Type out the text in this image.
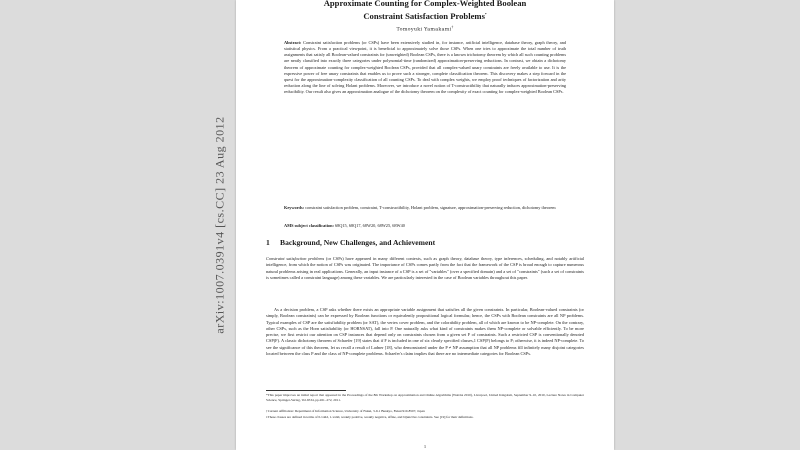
arXiv:1007.0391v4 [cs.CC] 23 Aug 2012
Approximate Counting for Complex-Weighted Boolean
Constraint Satisfaction Problems*
Tomoyuki Yamakami†
Abstract: Constraint satisfaction problems (or CSPs) have been extensively studied in, for instance, artificial intelligence, database theory, graph theory, and statistical physics. From a practical viewpoint, it is beneficial to approximately solve those CSPs. When one tries to approximate the total number of truth assignments that satisfy all Boolean-valued constraints for (unweighted) Boolean CSPs, there is a known trichotomy theorem by which all such counting problems are neatly classified into exactly three categories under polynomial-time (randomized) approximation-preserving reductions. In contrast, we obtain a dichotomy theorem of approximate counting for complex-weighted Boolean CSPs, provided that all complex-valued unary constraints are freely available to use. It is the expressive power of free unary constraints that enables us to prove such a stronger, complete classification theorem. This discovery makes a step forward in the quest for the approximation-complexity classification of all counting CSPs. To deal with complex weights, we employ proof techniques of factorization and arity reduction along the line of solving Holant problems. Moreover, we introduce a novel notion of T-constructibility that naturally induces approximation-preserving reducibility. Our result also gives an approximation analogue of the dichotomy theorem on the complexity of exact counting for complex-weighted Boolean CSPs.
Keywords: constraint satisfaction problem, constraint, T-constructibility, Holant problem, signature, approximation-preserving reduction, dichotomy theorem
AMS subject classification: 68Q15, 68Q17, 68W20, 68W25, 68W40
1 Background, New Challenges, and Achievement
Constraint satisfaction problems (or CSPs) have appeared in many different contexts, such as graph theory, database theory, type inferences, scheduling, and notably artificial intelligence, from which the notion of CSPs was originated. The importance of CSPs comes partly from the fact that the framework of the CSP is broad enough to capture numerous natural problems arising in real applications. Generally, an input instance of a CSP is a set of "variables" (over a specified domain) and a set of "constraints" (such a set of constraints is sometimes called a constraint language) among these variables. We are particularly interested in the case of Boolean variables throughout this paper.
As a decision problem, a CSP asks whether there exists an appropriate variable assignment that satisfies all the given constraints. In particular, Boolean-valued constraints (or simply, Boolean constraints) can be expressed by Boolean functions or equivalently propositional logical formulas; hence, the CSPs with Boolean constraints are all NP problems. Typical examples of CSP are the satisfiability problem (or SAT), the vertex cover problem, and the colorability problem, all of which are known to be NP-complete. On the contrary, other CSPs, such as the Horn satisfiability (or HORNSAT), fall into P. One naturally asks what kind of constraints makes them NP-complete or solvable efficiently. To be more precise, we first restrict our attention on CSP instances that depend only on constraints chosen from a given set F of constraints. Such a restricted CSP is conventionally denoted CSP(F). A classic dichotomy theorem of Schaefer [19] states that if F is included in one of six clearly specified classes,1 CSP(F) belongs to P; otherwise, it is indeed NP-complete. To see the significance of this theorem, let us recall a result of Ladner [18], who demonstrated under the P ≠ NP assumption that all NP problems fill infinitely many disjoint categories located between the class P and the class of NP-complete problems. Schaefer's claim implies that there are no intermediate categories for Boolean CSPs.
*This paper improves an initial report that appeared in the Proceedings of the 8th Workshop on Approximation and Online Algorithms (WAOA 2010), Liverpool, United Kingdom, September 9–10, 2010, Lecture Notes in Computer Science, Springer-Verlag, Vol.6534, pp.261–272, 2011.
†Current Affiliation: Department of Information Science, University of Fukui, 3-9-1 Bunkyo, Fukui 910-8507, Japan
1These classes are defined in terms of 0-valid, 1-valid, weakly positive, weakly negative, affine, and bijunctive constraints. See [19] for their definitions.
1
